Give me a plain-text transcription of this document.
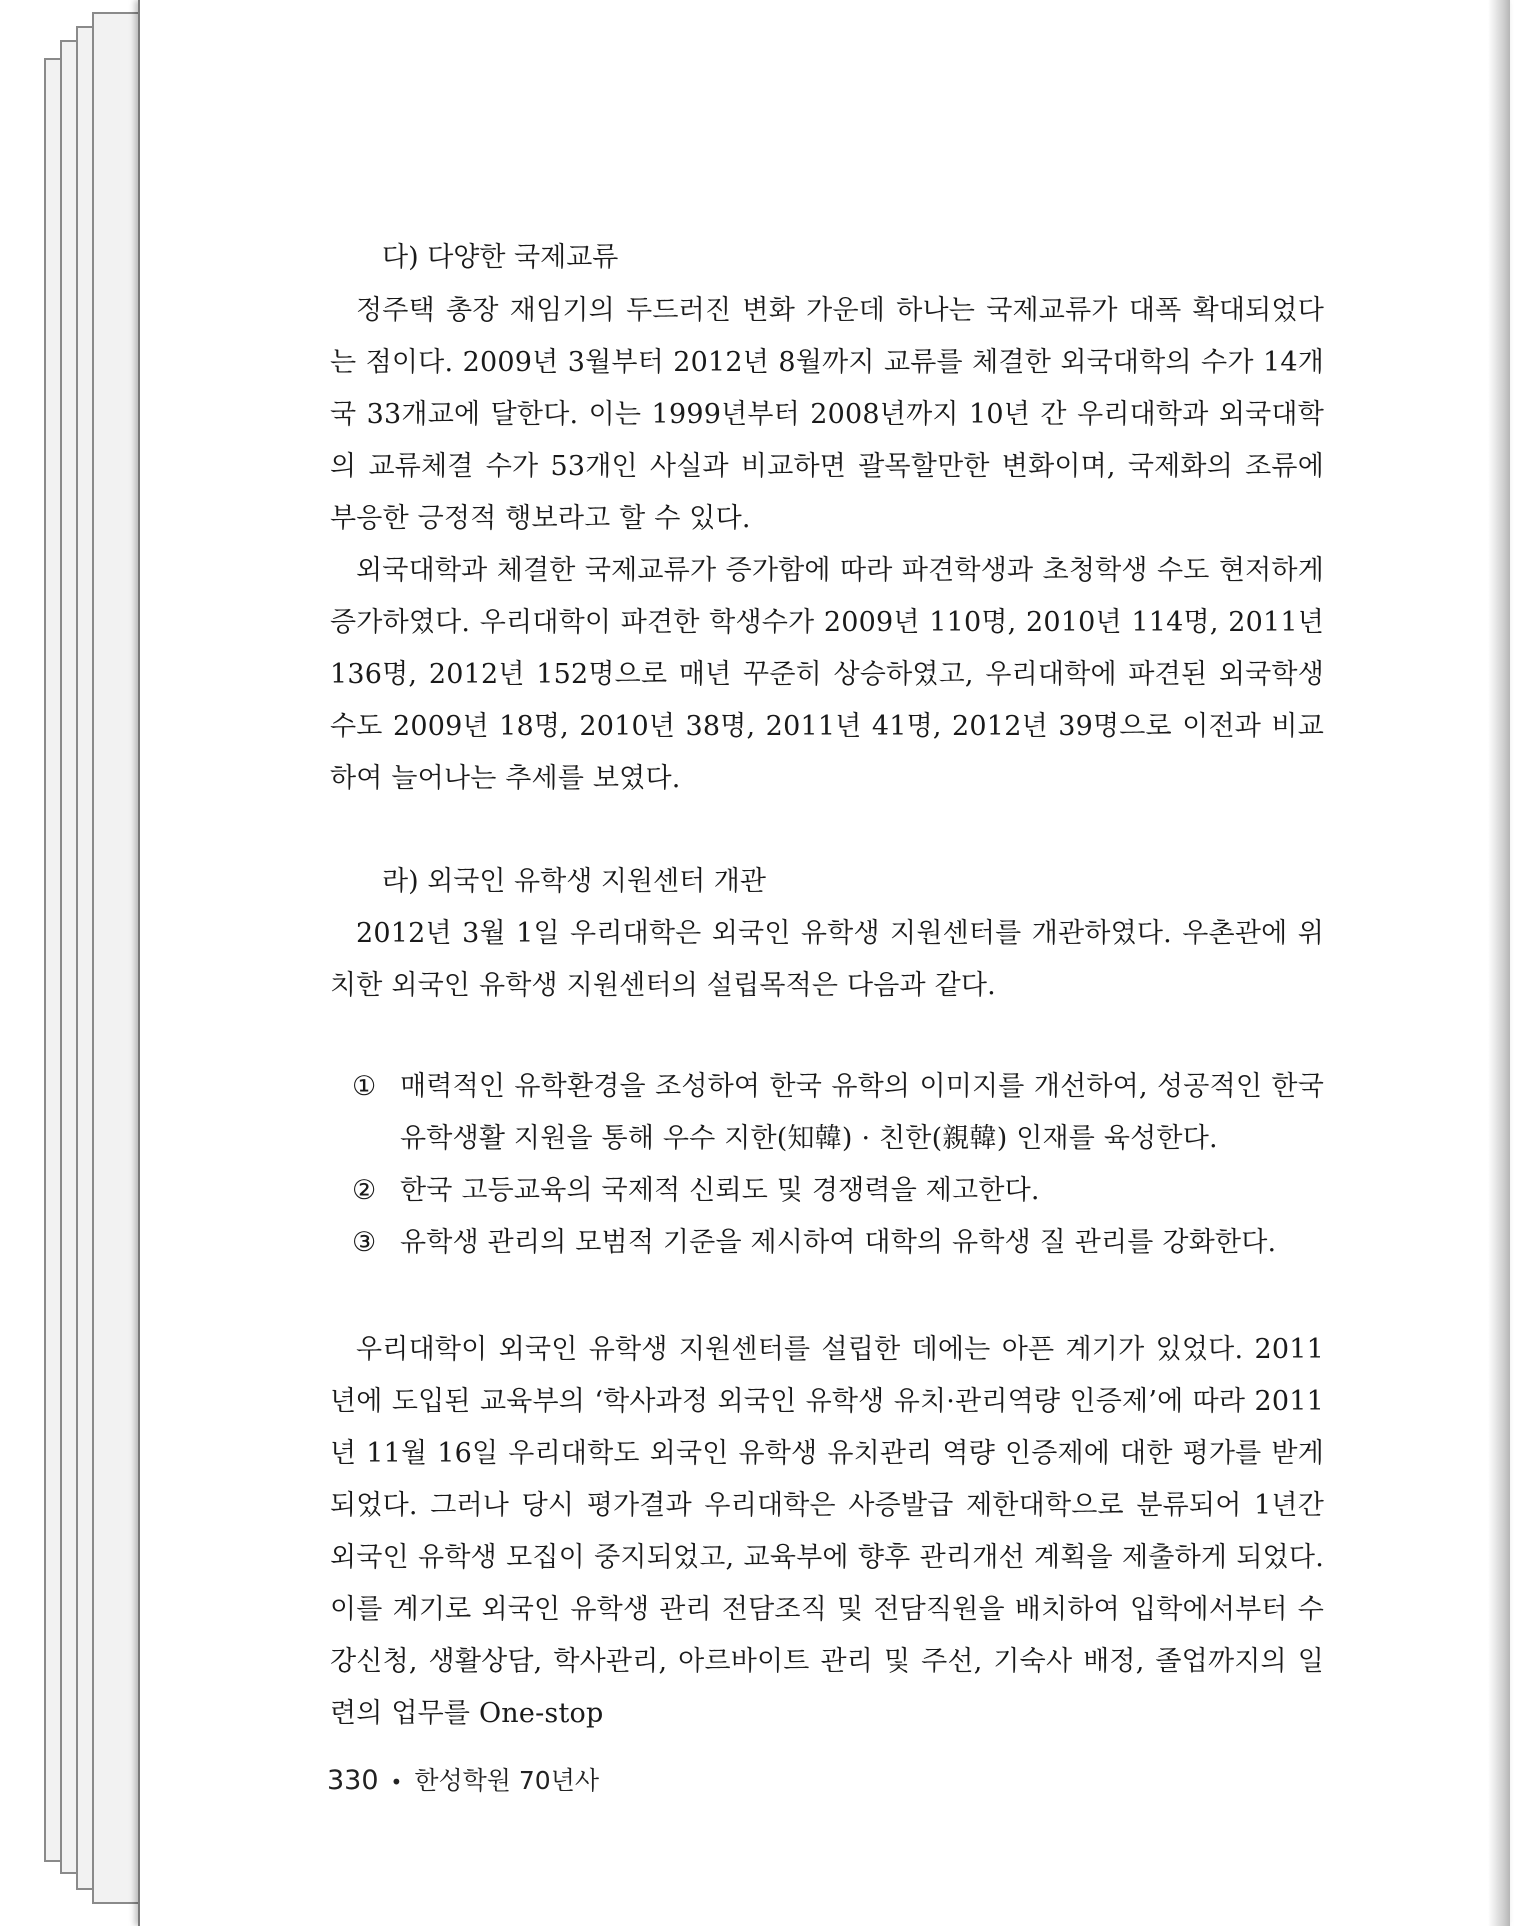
다) 다양한 국제교류

정주택 총장 재임기의 두드러진 변화 가운데 하나는 국제교류가 대폭 확대되었다는 점이다. 2009년 3월부터 2012년 8월까지 교류를 체결한 외국대학의 수가 14개국 33개교에 달한다. 이는 1999년부터 2008년까지 10년 간 우리대학과 외국대학의 교류체결 수가 53개인 사실과 비교하면 괄목할만한 변화이며, 국제화의 조류에 부응한 긍정적 행보라고 할 수 있다.

외국대학과 체결한 국제교류가 증가함에 따라 파견학생과 초청학생 수도 현저하게 증가하였다. 우리대학이 파견한 학생수가 2009년 110명, 2010년 114명, 2011년 136명, 2012년 152명으로 매년 꾸준히 상승하였고, 우리대학에 파견된 외국학생수도 2009년 18명, 2010년 38명, 2011년 41명, 2012년 39명으로 이전과 비교하여 늘어나는 추세를 보였다.

라) 외국인 유학생 지원센터 개관

2012년 3월 1일 우리대학은 외국인 유학생 지원센터를 개관하였다. 우촌관에 위치한 외국인 유학생 지원센터의 설립목적은 다음과 같다.

① 매력적인 유학환경을 조성하여 한국 유학의 이미지를 개선하여, 성공적인 한국 유학생활 지원을 통해 우수 지한(知韓) · 친한(親韓) 인재를 육성한다.
② 한국 고등교육의 국제적 신뢰도 및 경쟁력을 제고한다.
③ 유학생 관리의 모범적 기준을 제시하여 대학의 유학생 질 관리를 강화한다.

우리대학이 외국인 유학생 지원센터를 설립한 데에는 아픈 계기가 있었다. 2011년에 도입된 교육부의 ‘학사과정 외국인 유학생 유치·관리역량 인증제’에 따라 2011년 11월 16일 우리대학도 외국인 유학생 유치관리 역량 인증제에 대한 평가를 받게 되었다. 그러나 당시 평가결과 우리대학은 사증발급 제한대학으로 분류되어 1년간 외국인 유학생 모집이 중지되었고, 교육부에 향후 관리개선 계획을 제출하게 되었다. 이를 계기로 외국인 유학생 관리 전담조직 및 전담직원을 배치하여 입학에서부터 수강신청, 생활상담, 학사관리, 아르바이트 관리 및 주선, 기숙사 배정, 졸업까지의 일련의 업무를 One-stop

330 • 한성학원 70년사
